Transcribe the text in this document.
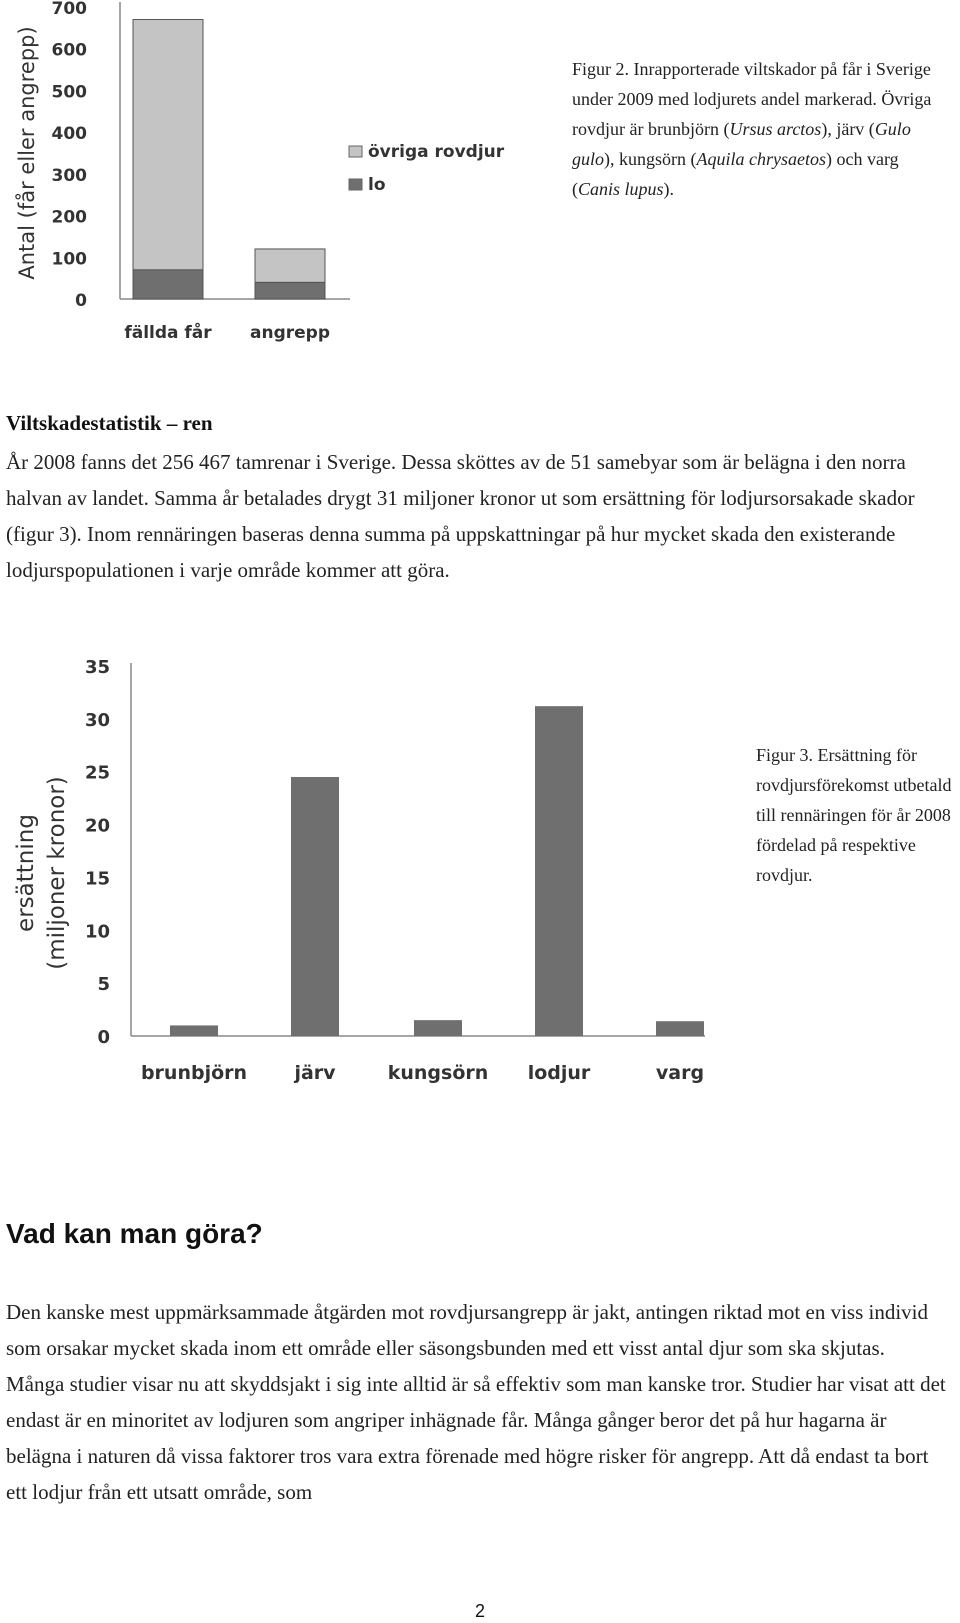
0
100
200
300
400
500
600
700
Antal (får eller angrepp)
fällda får angrepp
övriga rovdjur
lo
Figur 2. Inrapporterade viltskador på får i Sverige under 2009 med lodjurets andel markerad. Övriga rovdjur är brunbjörn (Ursus arctos), järv (Gulo gulo), kungsörn (Aquila chrysaetos) och varg (Canis lupus).
Viltskadestatistik – ren

År 2008 fanns det 256 467 tamrenar i Sverige. Dessa sköttes av de 51 samebyar som är belägna i den norra halvan av landet. Samma år betalades drygt 31 miljoner kronor ut som ersättning för lodjursorsakade skador (figur 3). Inom rennäringen baseras denna summa på uppskattningar på hur mycket skada den existerande lodjurspopulationen i varje område kommer att göra.

0
5
10
15
20
25
30
35
ersättning (miljoner kronor)
brunbjörn järv	kungsörn lodjur	varg
Figur 3. Ersättning för rovdjursförekomst utbetald till rennäringen för år 2008 fördelad på respektive rovdjur.
Vad kan man göra?

Den kanske mest uppmärksammade åtgärden mot rovdjursangrepp är jakt, antingen riktad mot en viss individ som orsakar mycket skada inom ett område eller säsongsbunden med ett visst antal djur som ska skjutas. Många studier visar nu att skyddsjakt i sig inte alltid är så effektiv som man kanske tror. Studier har visat att det endast är en minoritet av lodjuren som angriper inhägnade får. Många gånger beror det på hur hagarna är belägna i naturen då vissa faktorer tros vara extra förenade med högre risker för angrepp. Att då endast ta bort ett lodjur från ett utsatt område, som

2
